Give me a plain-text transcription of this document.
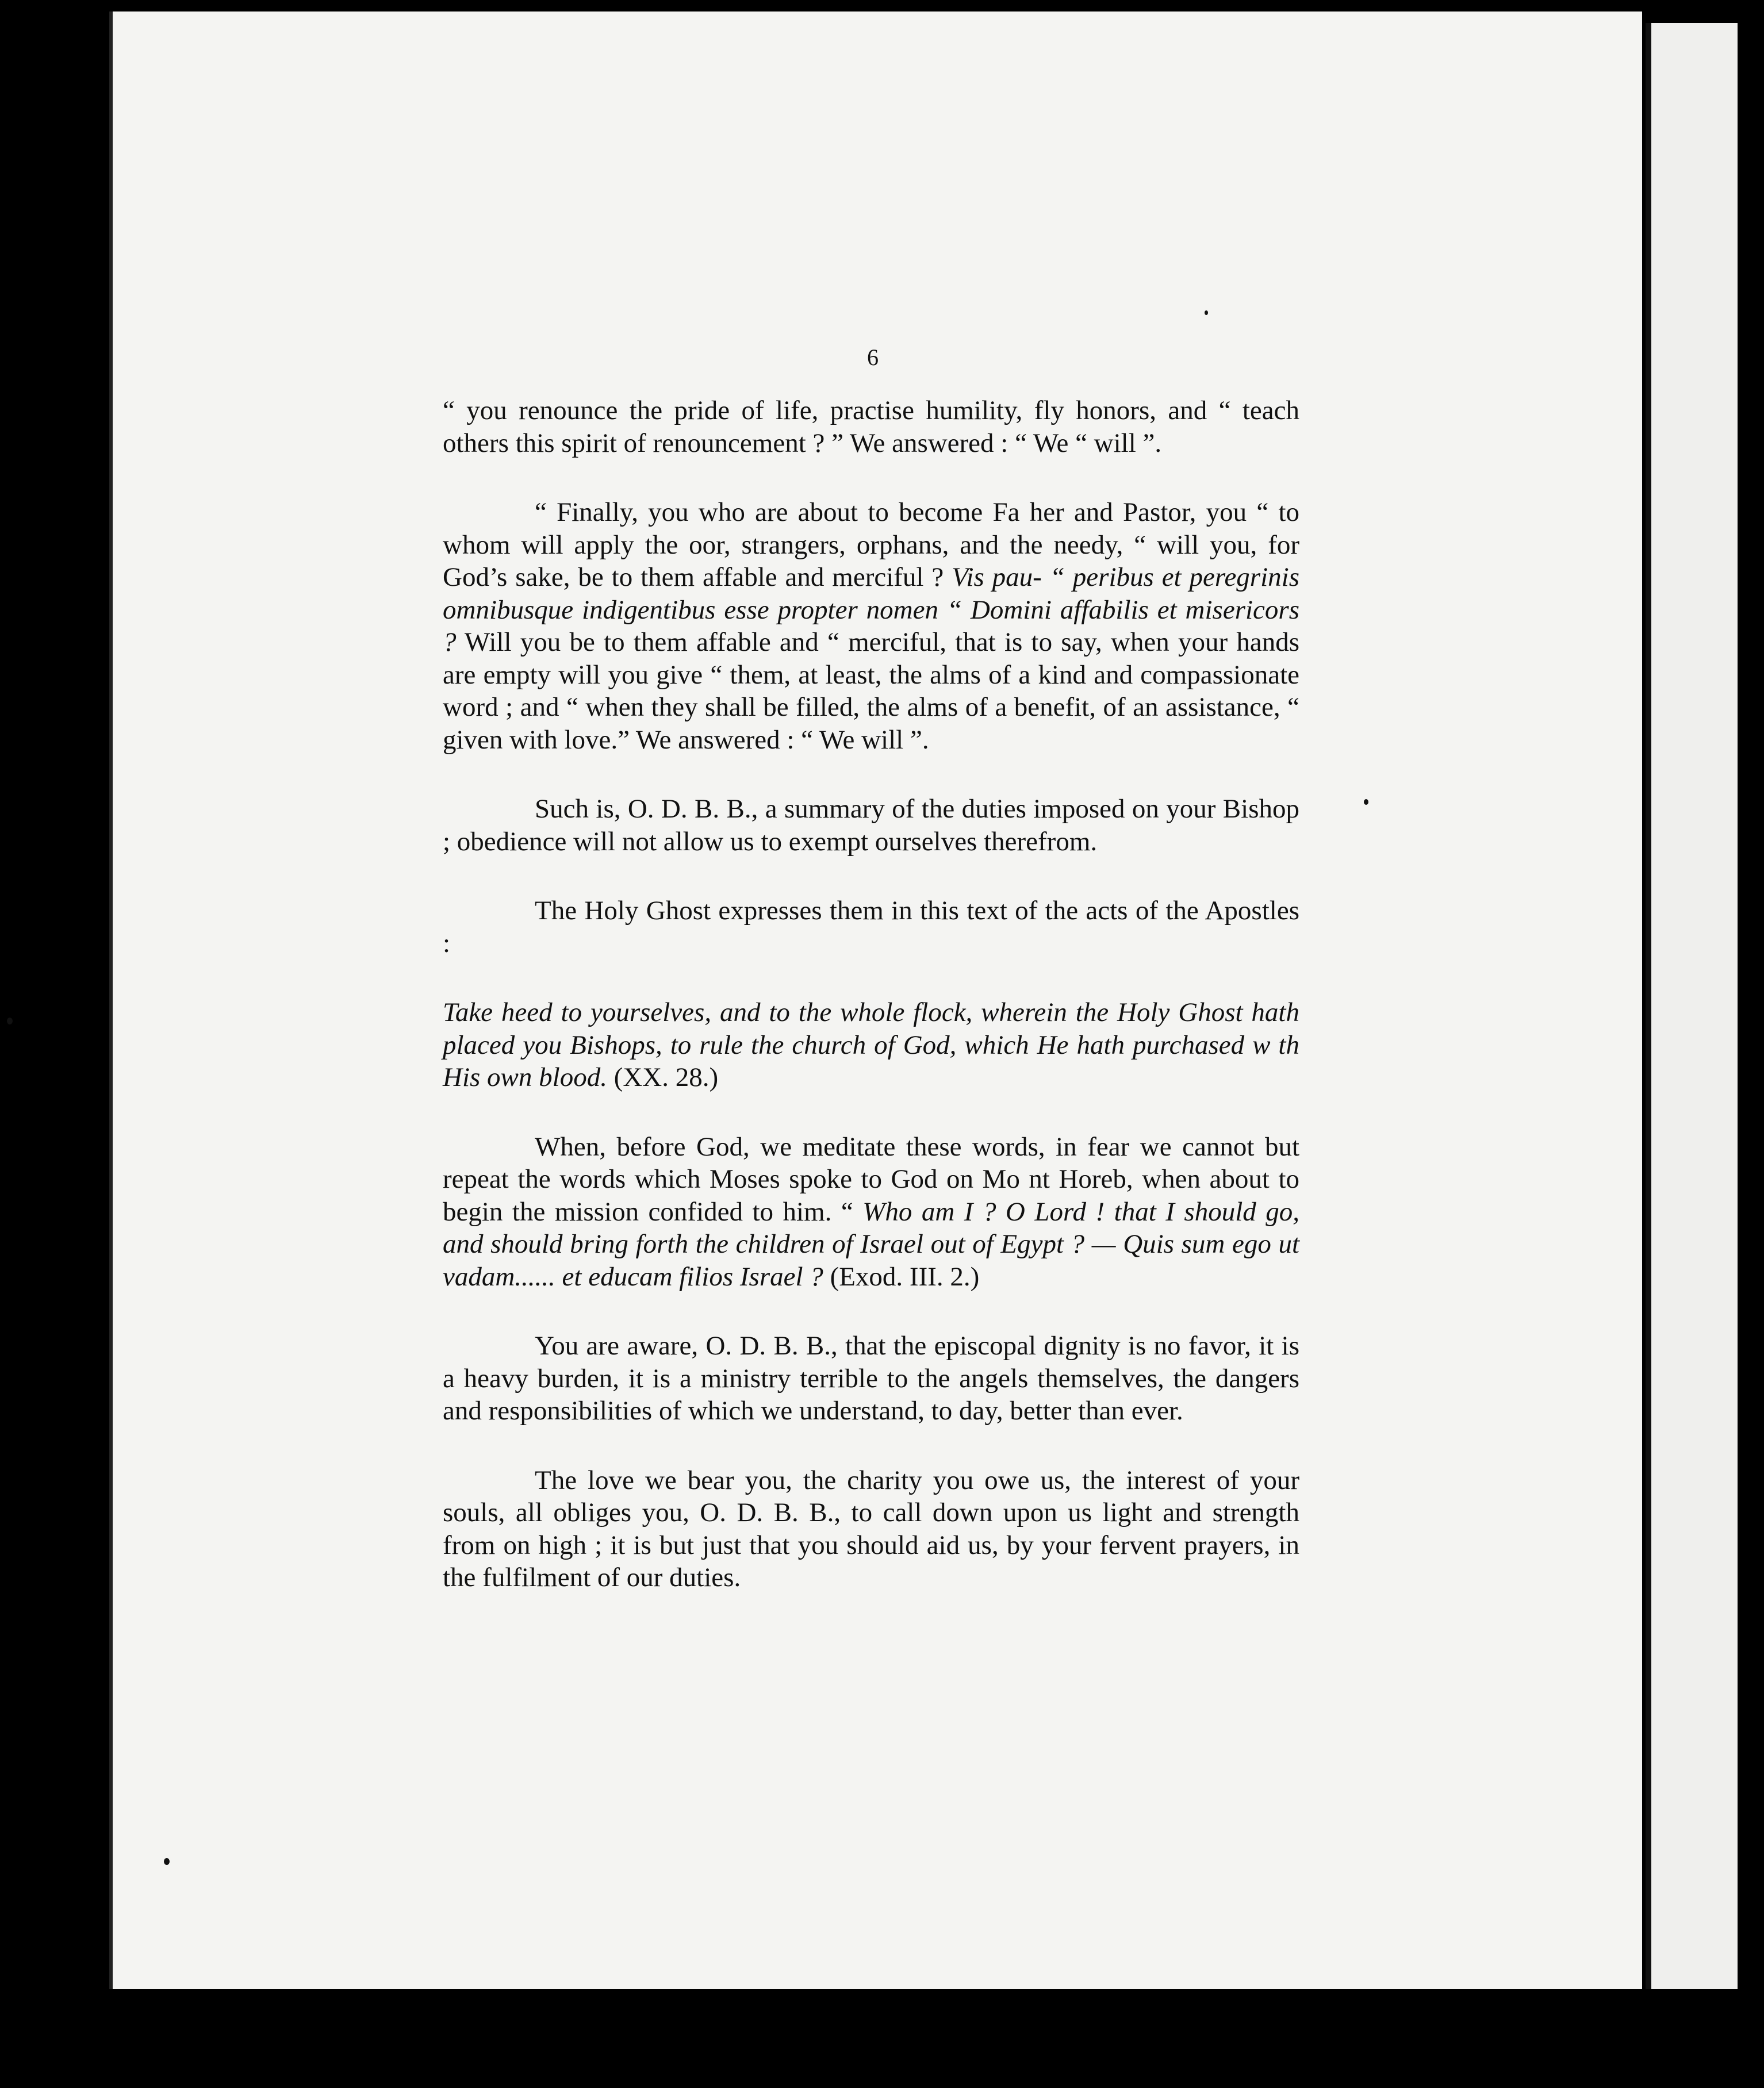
6

“ you renounce the pride of life, practise humility, fly honors, and “ teach others this spirit of renouncement ? ” We answered : “ We “ will ”.

“ Finally, you who are about to become Fa her and Pastor, you “ to whom will apply the oor, strangers, orphans, and the needy, “ will you, for God’s sake, be to them affable and merciful ? Vis pau- “ peribus et peregrinis omnibusque indigentibus esse propter nomen “ Domini affabilis et misericors ? Will you be to them affable and “ merciful, that is to say, when your hands are empty will you give “ them, at least, the alms of a kind and compassionate word ; and “ when they shall be filled, the alms of a benefit, of an assistance, “ given with love.” We answered : “ We will ”.

Such is, O. D. B. B., a summary of the duties imposed on your Bishop ; obedience will not allow us to exempt ourselves therefrom.

The Holy Ghost expresses them in this text of the acts of the Apostles :

Take heed to yourselves, and to the whole flock, wherein the Holy Ghost hath placed you Bishops, to rule the church of God, which He hath purchased w th His own blood. (XX. 28.)

When, before God, we meditate these words, in fear we cannot but repeat the words which Moses spoke to God on Mo nt Horeb, when about to begin the mission confided to him. “ Who am I ? O Lord ! that I should go, and should bring forth the children of Israel out of Egypt ? — Quis sum ego ut vadam...... et educam filios Israel ? (Exod. III. 2.)

You are aware, O. D. B. B., that the episcopal dignity is no favor, it is a heavy burden, it is a ministry terrible to the angels themselves, the dangers and responsibilities of which we understand, to day, better than ever.

The love we bear you, the charity you owe us, the interest of your souls, all obliges you, O. D. B. B., to call down upon us light and strength from on high ; it is but just that you should aid us, by your fervent prayers, in the fulfilment of our duties.
